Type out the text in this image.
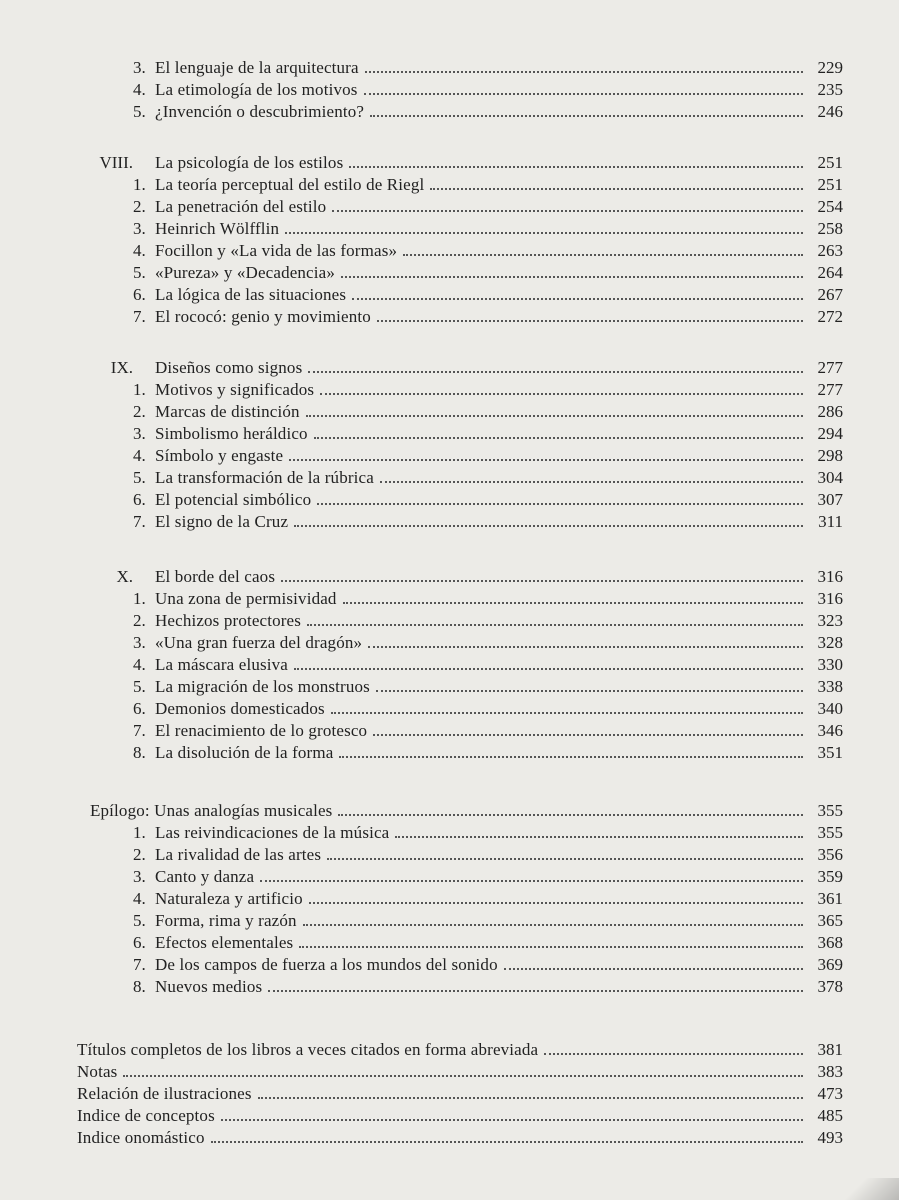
3. El lenguaje de la arquitectura	229
4. La etimología de los motivos	235
5. ¿Invención o descubrimiento?	246
VIII.	La psicología de los estilos	251
1. La teoría perceptual del estilo de Riegl	251
2. La penetración del estilo	254
3. Heinrich Wölfflin	258
4. Focillon y «La vida de las formas»	263
5. «Pureza» y «Decadencia»	264
6. La lógica de las situaciones	267
7. El rococó: genio y movimiento	272
IX.	Diseños como signos	277
1. Motivos y significados	277
2. Marcas de distinción	286
3. Simbolismo heráldico	294
4. Símbolo y engaste	298
5. La transformación de la rúbrica	304
6. El potencial simbólico	307
7. El signo de la Cruz	311
X.	El borde del caos	316
1. Una zona de permisividad	316
2. Hechizos protectores	323
3. «Una gran fuerza del dragón»	328
4. La máscara elusiva	330
5. La migración de los monstruos	338
6. Demonios domesticados	340
7. El renacimiento de lo grotesco	346
8. La disolución de la forma	351
Epílogo: Unas analogías musicales	355
1. Las reivindicaciones de la música	355
2. La rivalidad de las artes	356
3. Canto y danza	359
4. Naturaleza y artificio	361
5. Forma, rima y razón	365
6. Efectos elementales	368
7. De los campos de fuerza a los mundos del sonido	369
8. Nuevos medios	378
Títulos completos de los libros a veces citados en forma abreviada	381
Notas	383
Relación de ilustraciones	473
Indice de conceptos	485
Indice onomástico	493
